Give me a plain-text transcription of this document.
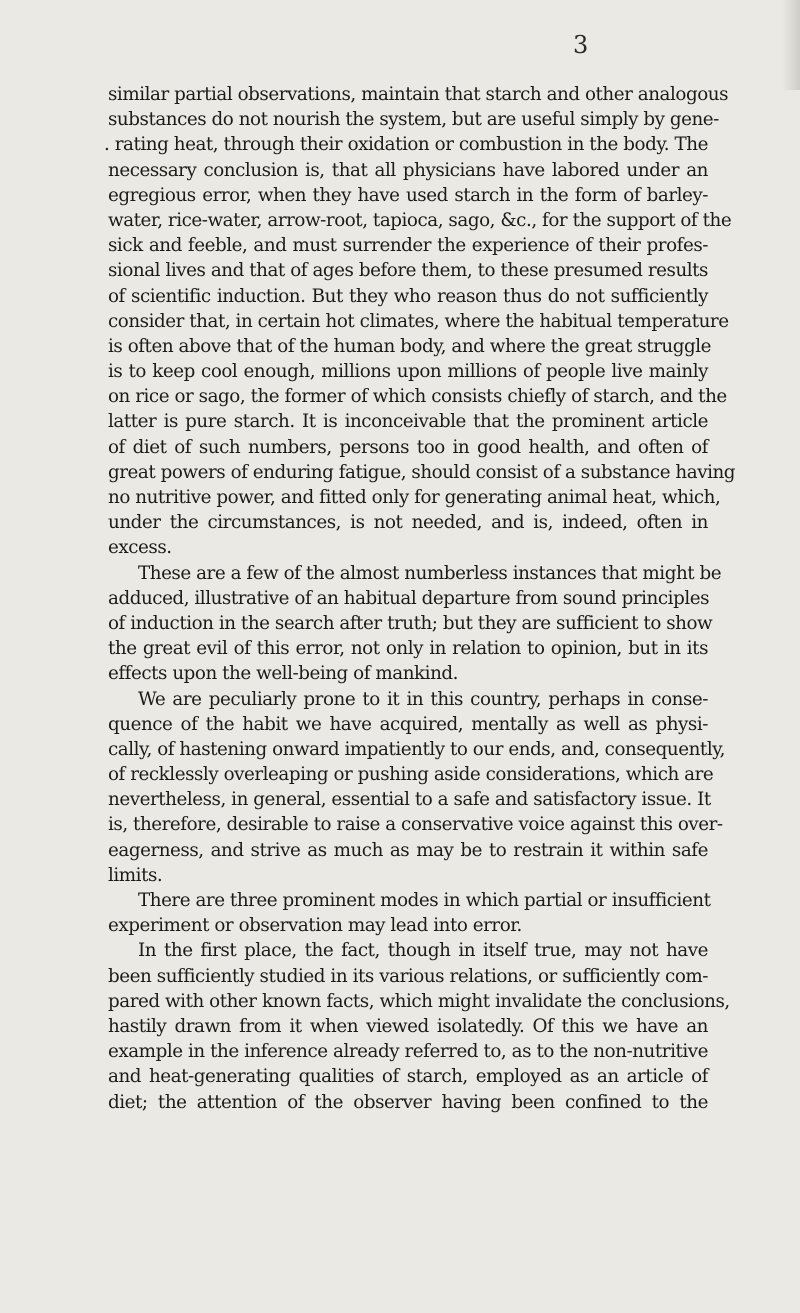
3
similar partial observations, maintain that starch and other analogous
substances do not nourish the system, but are useful simply by gene-
. rating heat, through their oxidation or combustion in the body. The
necessary conclusion is, that all physicians have labored under an
egregious error, when they have used starch in the form of barley-
water, rice-water, arrow-root, tapioca, sago, &c., for the support of the
sick and feeble, and must surrender the experience of their profes-
sional lives and that of ages before them, to these presumed results
of scientific induction. But they who reason thus do not sufficiently
consider that, in certain hot climates, where the habitual temperature
is often above that of the human body, and where the great struggle
is to keep cool enough, millions upon millions of people live mainly
on rice or sago, the former of which consists chiefly of starch, and the
latter is pure starch. It is inconceivable that the prominent article
of diet of such numbers, persons too in good health, and often of
great powers of enduring fatigue, should consist of a substance having
no nutritive power, and fitted only for generating animal heat, which,
under the circumstances, is not needed, and is, indeed, often in
excess.
These are a few of the almost numberless instances that might be
adduced, illustrative of an habitual departure from sound principles
of induction in the search after truth; but they are sufficient to show
the great evil of this error, not only in relation to opinion, but in its
effects upon the well-being of mankind.
We are peculiarly prone to it in this country, perhaps in conse-
quence of the habit we have acquired, mentally as well as physi-
cally, of hastening onward impatiently to our ends, and, consequently,
of recklessly overleaping or pushing aside considerations, which are
nevertheless, in general, essential to a safe and satisfactory issue. It
is, therefore, desirable to raise a conservative voice against this over-
eagerness, and strive as much as may be to restrain it within safe
limits.
There are three prominent modes in which partial or insufficient
experiment or observation may lead into error.
In the first place, the fact, though in itself true, may not have
been sufficiently studied in its various relations, or sufficiently com-
pared with other known facts, which might invalidate the conclusions,
hastily drawn from it when viewed isolatedly. Of this we have an
example in the inference already referred to, as to the non-nutritive
and heat-generating qualities of starch, employed as an article of
diet; the attention of the observer having been confined to the
